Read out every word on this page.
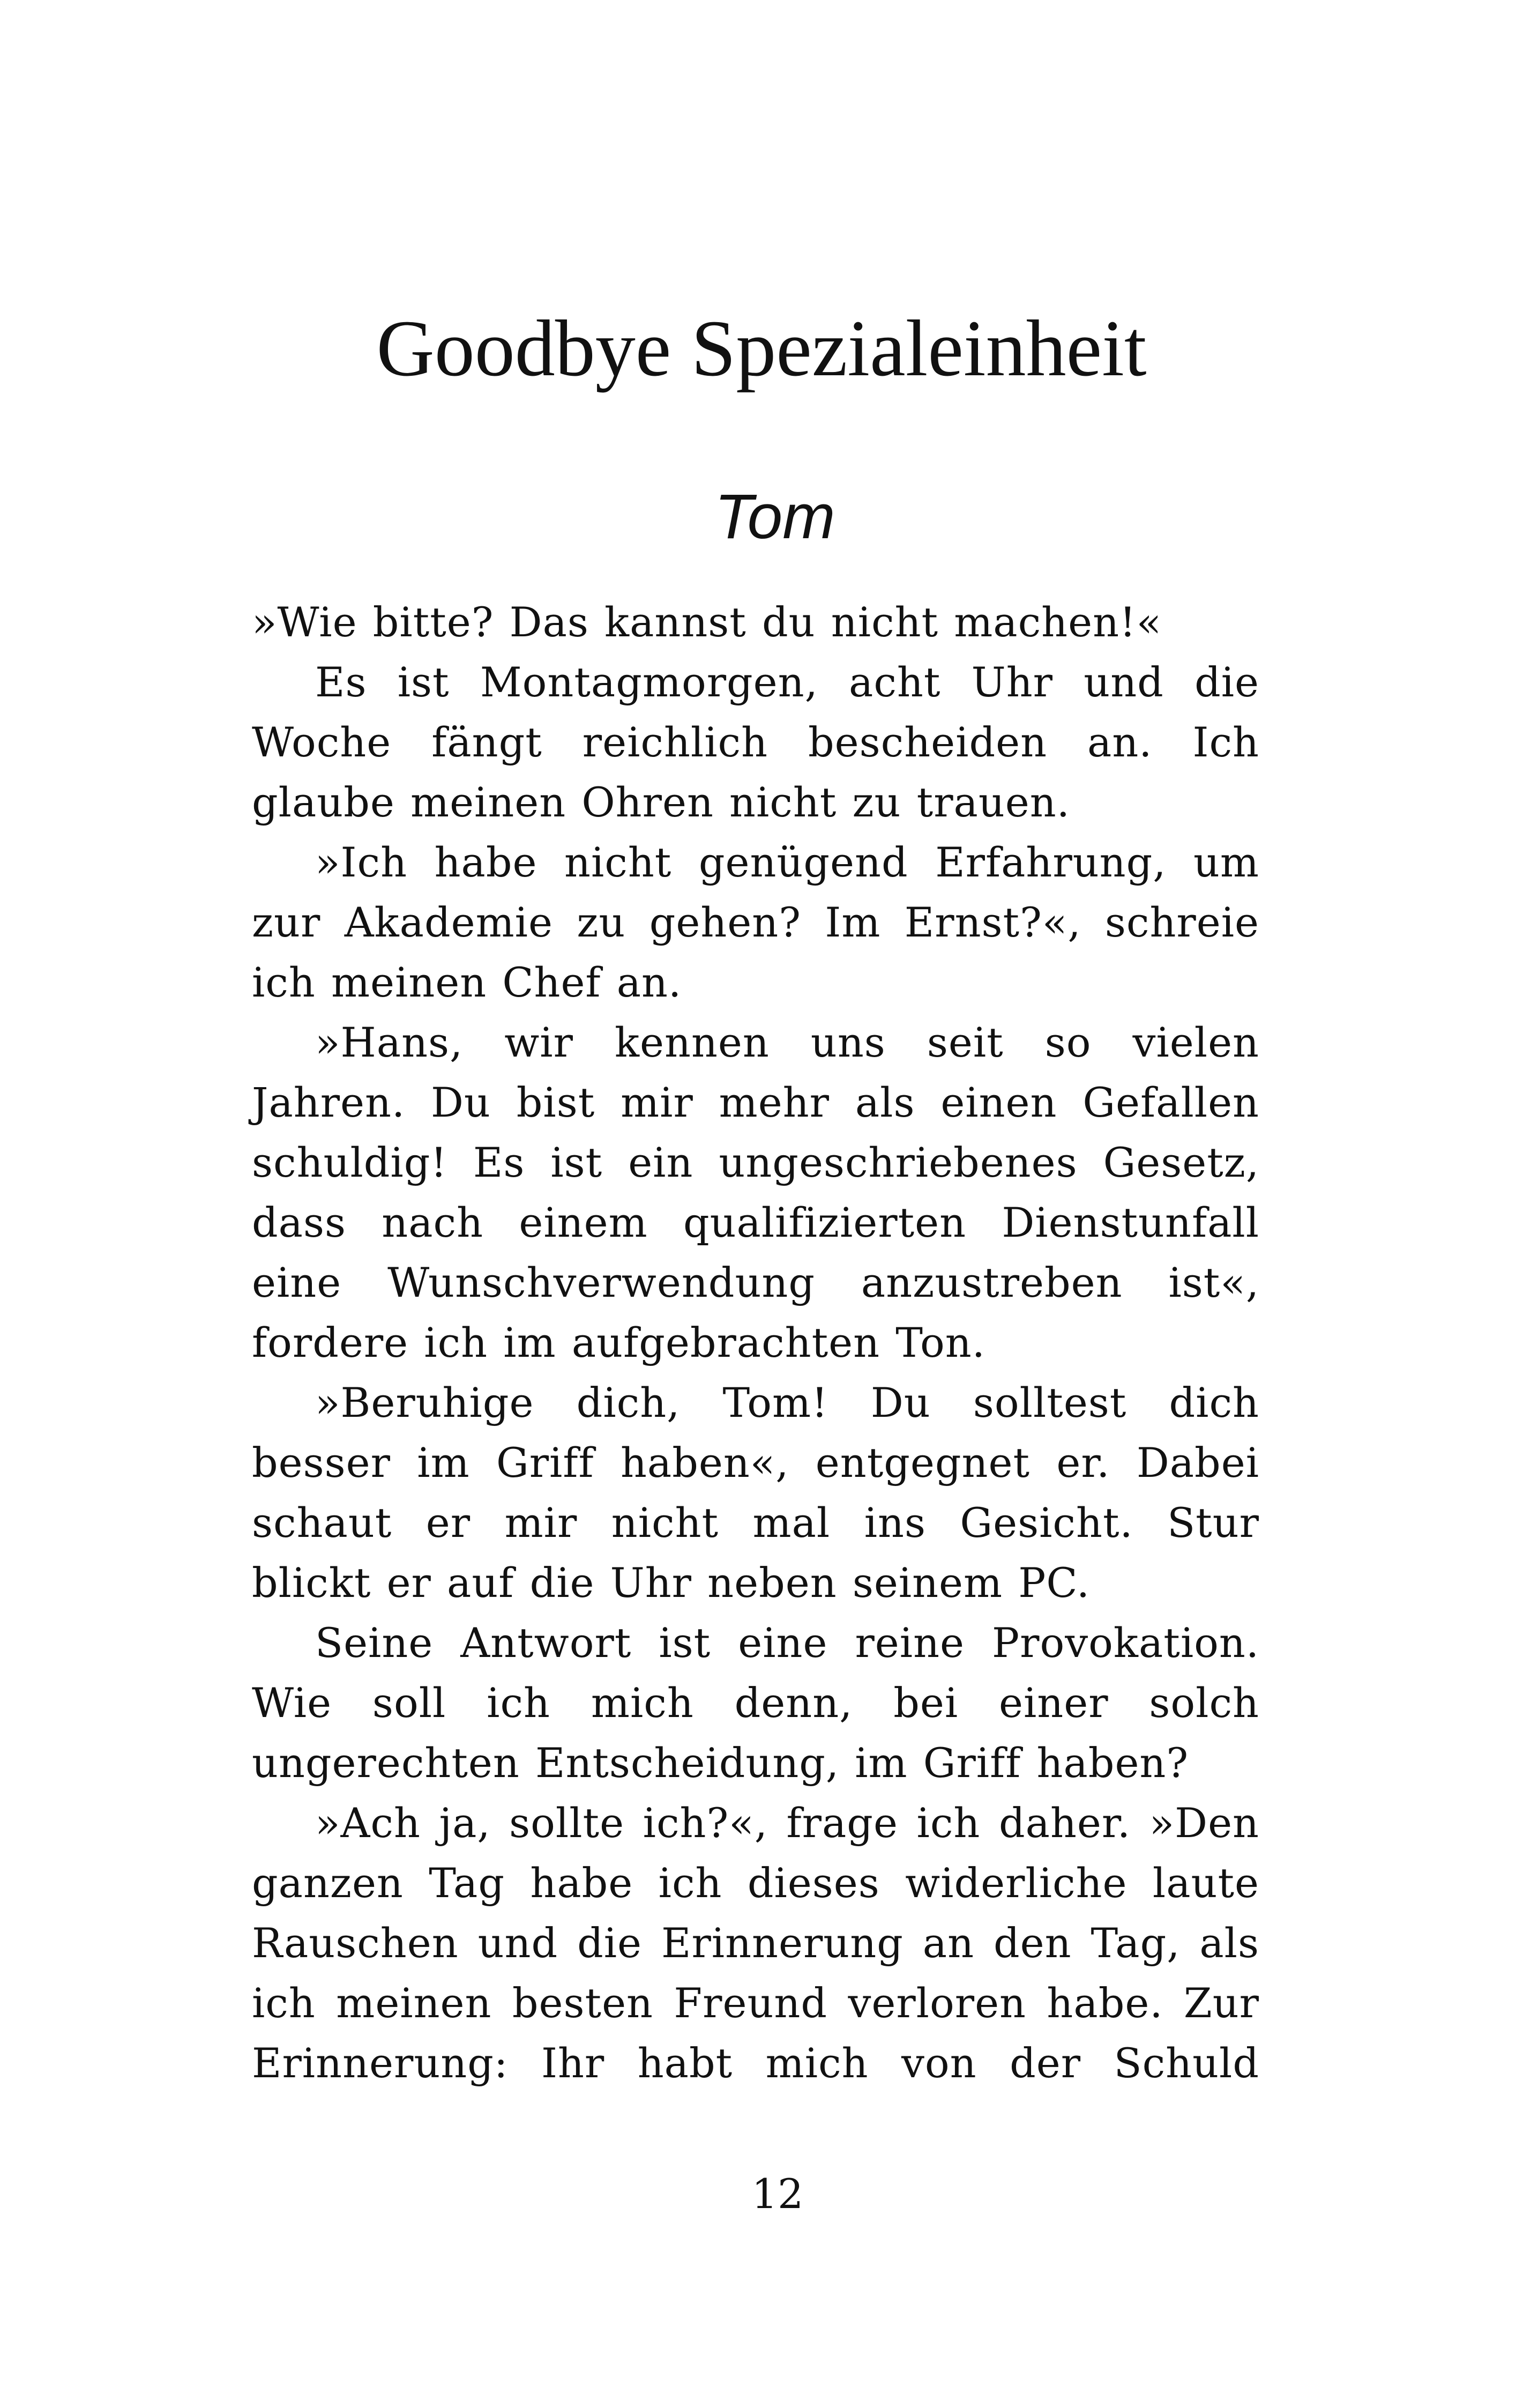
Goodbye Spezialeinheit
Tom
»Wie bitte? Das kannst du nicht machen!«
Es ist Montagmorgen, acht Uhr und die
Woche fängt reichlich bescheiden an. Ich
glaube meinen Ohren nicht zu trauen.
»Ich habe nicht genügend Erfahrung, um
zur Akademie zu gehen? Im Ernst?«, schreie
ich meinen Chef an.
»Hans, wir kennen uns seit so vielen
Jahren. Du bist mir mehr als einen Gefallen
schuldig! Es ist ein ungeschriebenes Gesetz,
dass nach einem qualifizierten Dienstunfall
eine Wunschverwendung anzustreben ist«,
fordere ich im aufgebrachten Ton.
»Beruhige dich, Tom! Du solltest dich
besser im Griff haben«, entgegnet er. Dabei
schaut er mir nicht mal ins Gesicht. Stur
blickt er auf die Uhr neben seinem PC.
Seine Antwort ist eine reine Provokation.
Wie soll ich mich denn, bei einer solch
ungerechten Entscheidung, im Griff haben?
»Ach ja, sollte ich?«, frage ich daher. »Den
ganzen Tag habe ich dieses widerliche laute
Rauschen und die Erinnerung an den Tag, als
ich meinen besten Freund verloren habe. Zur
Erinnerung: Ihr habt mich von der Schuld
12
